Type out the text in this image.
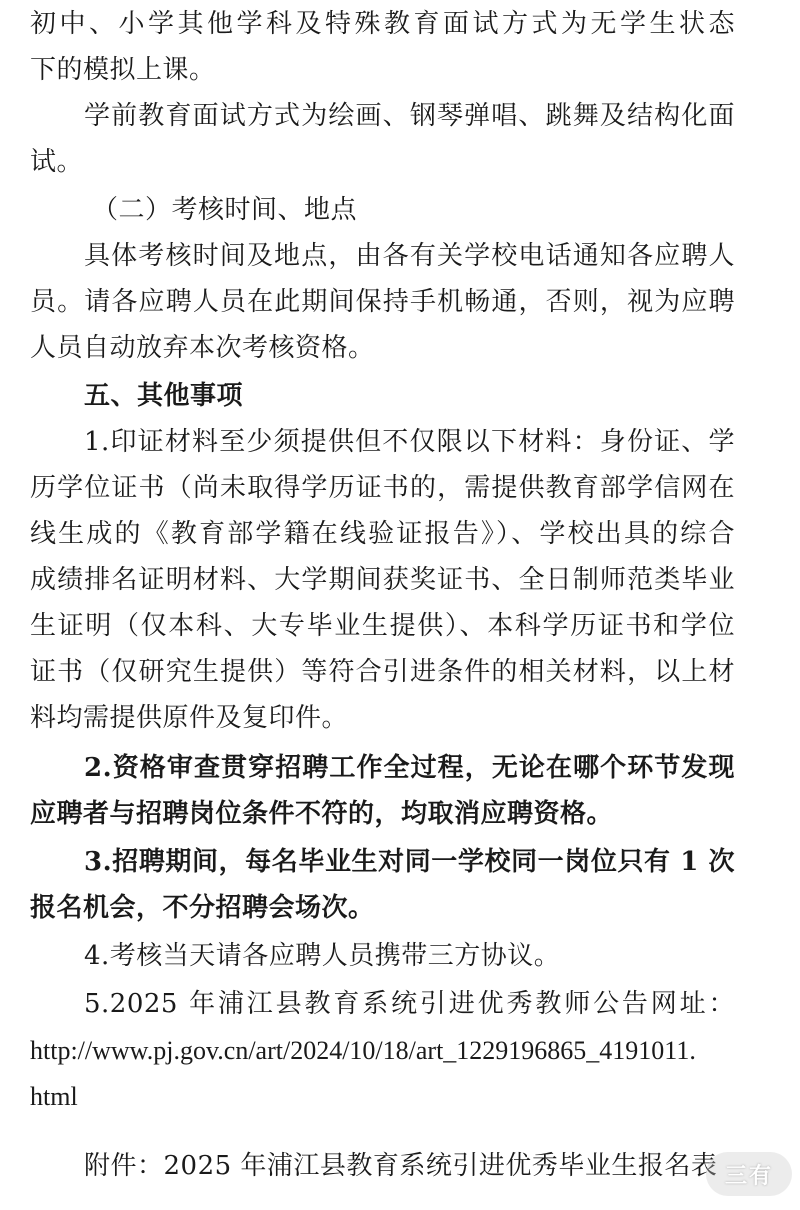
初中、小学其他学科及特殊教育面试方式为无学生状态
下的模拟上课。
学前教育面试方式为绘画、钢琴弹唱、跳舞及结构化面
试。
（二）考核时间、地点
具体考核时间及地点，由各有关学校电话通知各应聘人
员。请各应聘人员在此期间保持手机畅通，否则，视为应聘
人员自动放弃本次考核资格。
五、其他事项
1.印证材料至少须提供但不仅限以下材料：身份证、学
历学位证书（尚未取得学历证书的，需提供教育部学信网在
线生成的《教育部学籍在线验证报告》）、学校出具的综合
成绩排名证明材料、大学期间获奖证书、全日制师范类毕业
生证明（仅本科、大专毕业生提供）、本科学历证书和学位
证书（仅研究生提供）等符合引进条件的相关材料，以上材
料均需提供原件及复印件。
2.资格审查贯穿招聘工作全过程，无论在哪个环节发现
应聘者与招聘岗位条件不符的，均取消应聘资格。
3.招聘期间，每名毕业生对同一学校同一岗位只有 1 次
报名机会，不分招聘会场次。
4.考核当天请各应聘人员携带三方协议。
5.2025 年浦江县教育系统引进优秀教师公告网址：
http://www.pj.gov.cn/art/2024/10/18/art_1229196865_4191011.
html
附件：2025 年浦江县教育系统引进优秀毕业生报名表 三有
